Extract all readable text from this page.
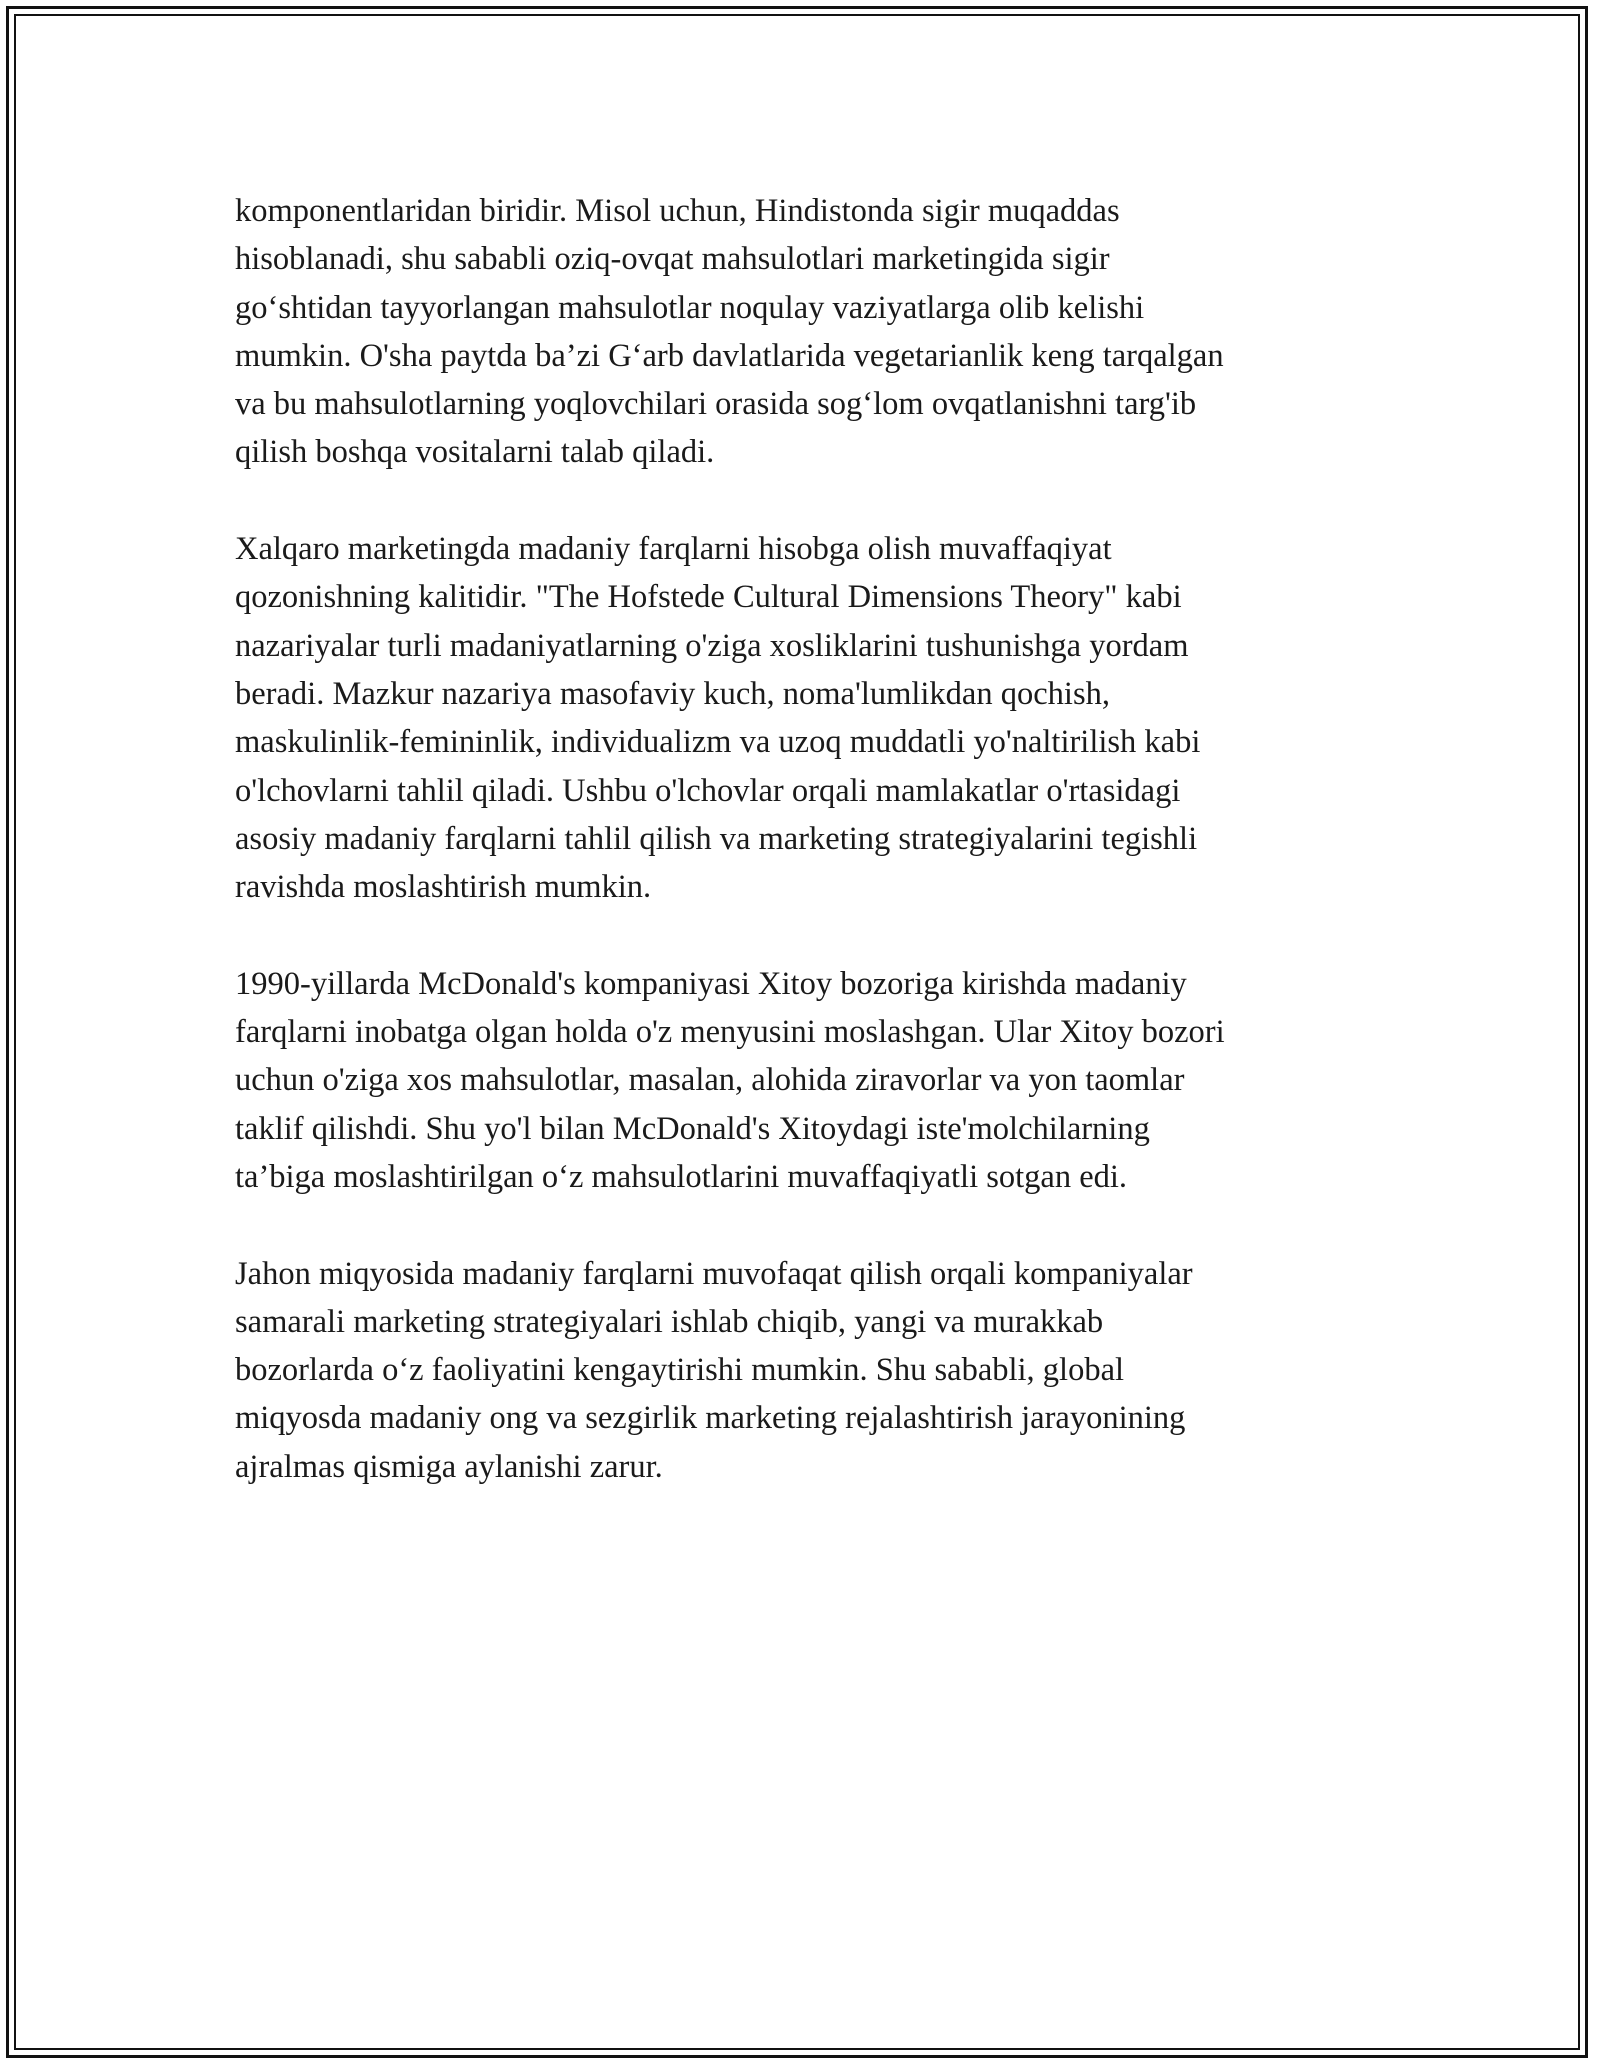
komponentlaridan biridir. Misol uchun, Hindistonda sigir muqaddas
hisoblanadi, shu sababli oziq-ovqat mahsulotlari marketingida sigir
go‘shtidan tayyorlangan mahsulotlar noqulay vaziyatlarga olib kelishi
mumkin. O'sha paytda ba’zi G‘arb davlatlarida vegetarianlik keng tarqalgan
va bu mahsulotlarning yoqlovchilari orasida sog‘lom ovqatlanishni targ'ib
qilish boshqa vositalarni talab qiladi.

Xalqaro marketingda madaniy farqlarni hisobga olish muvaffaqiyat
qozonishning kalitidir. "The Hofstede Cultural Dimensions Theory" kabi
nazariyalar turli madaniyatlarning o'ziga xosliklarini tushunishga yordam
beradi. Mazkur nazariya masofaviy kuch, noma'lumlikdan qochish,
maskulinlik-femininlik, individualizm va uzoq muddatli yo'naltirilish kabi
o'lchovlarni tahlil qiladi. Ushbu o'lchovlar orqali mamlakatlar o'rtasidagi
asosiy madaniy farqlarni tahlil qilish va marketing strategiyalarini tegishli
ravishda moslashtirish mumkin.

1990-yillarda McDonald's kompaniyasi Xitoy bozoriga kirishda madaniy
farqlarni inobatga olgan holda o'z menyusini moslashgan. Ular Xitoy bozori
uchun o'ziga xos mahsulotlar, masalan, alohida ziravorlar va yon taomlar
taklif qilishdi. Shu yo'l bilan McDonald's Xitoydagi iste'molchilarning
ta’biga moslashtirilgan o‘z mahsulotlarini muvaffaqiyatli sotgan edi.

Jahon miqyosida madaniy farqlarni muvofaqat qilish orqali kompaniyalar
samarali marketing strategiyalari ishlab chiqib, yangi va murakkab
bozorlarda o‘z faoliyatini kengaytirishi mumkin. Shu sababli, global
miqyosda madaniy ong va sezgirlik marketing rejalashtirish jarayonining
ajralmas qismiga aylanishi zarur.
